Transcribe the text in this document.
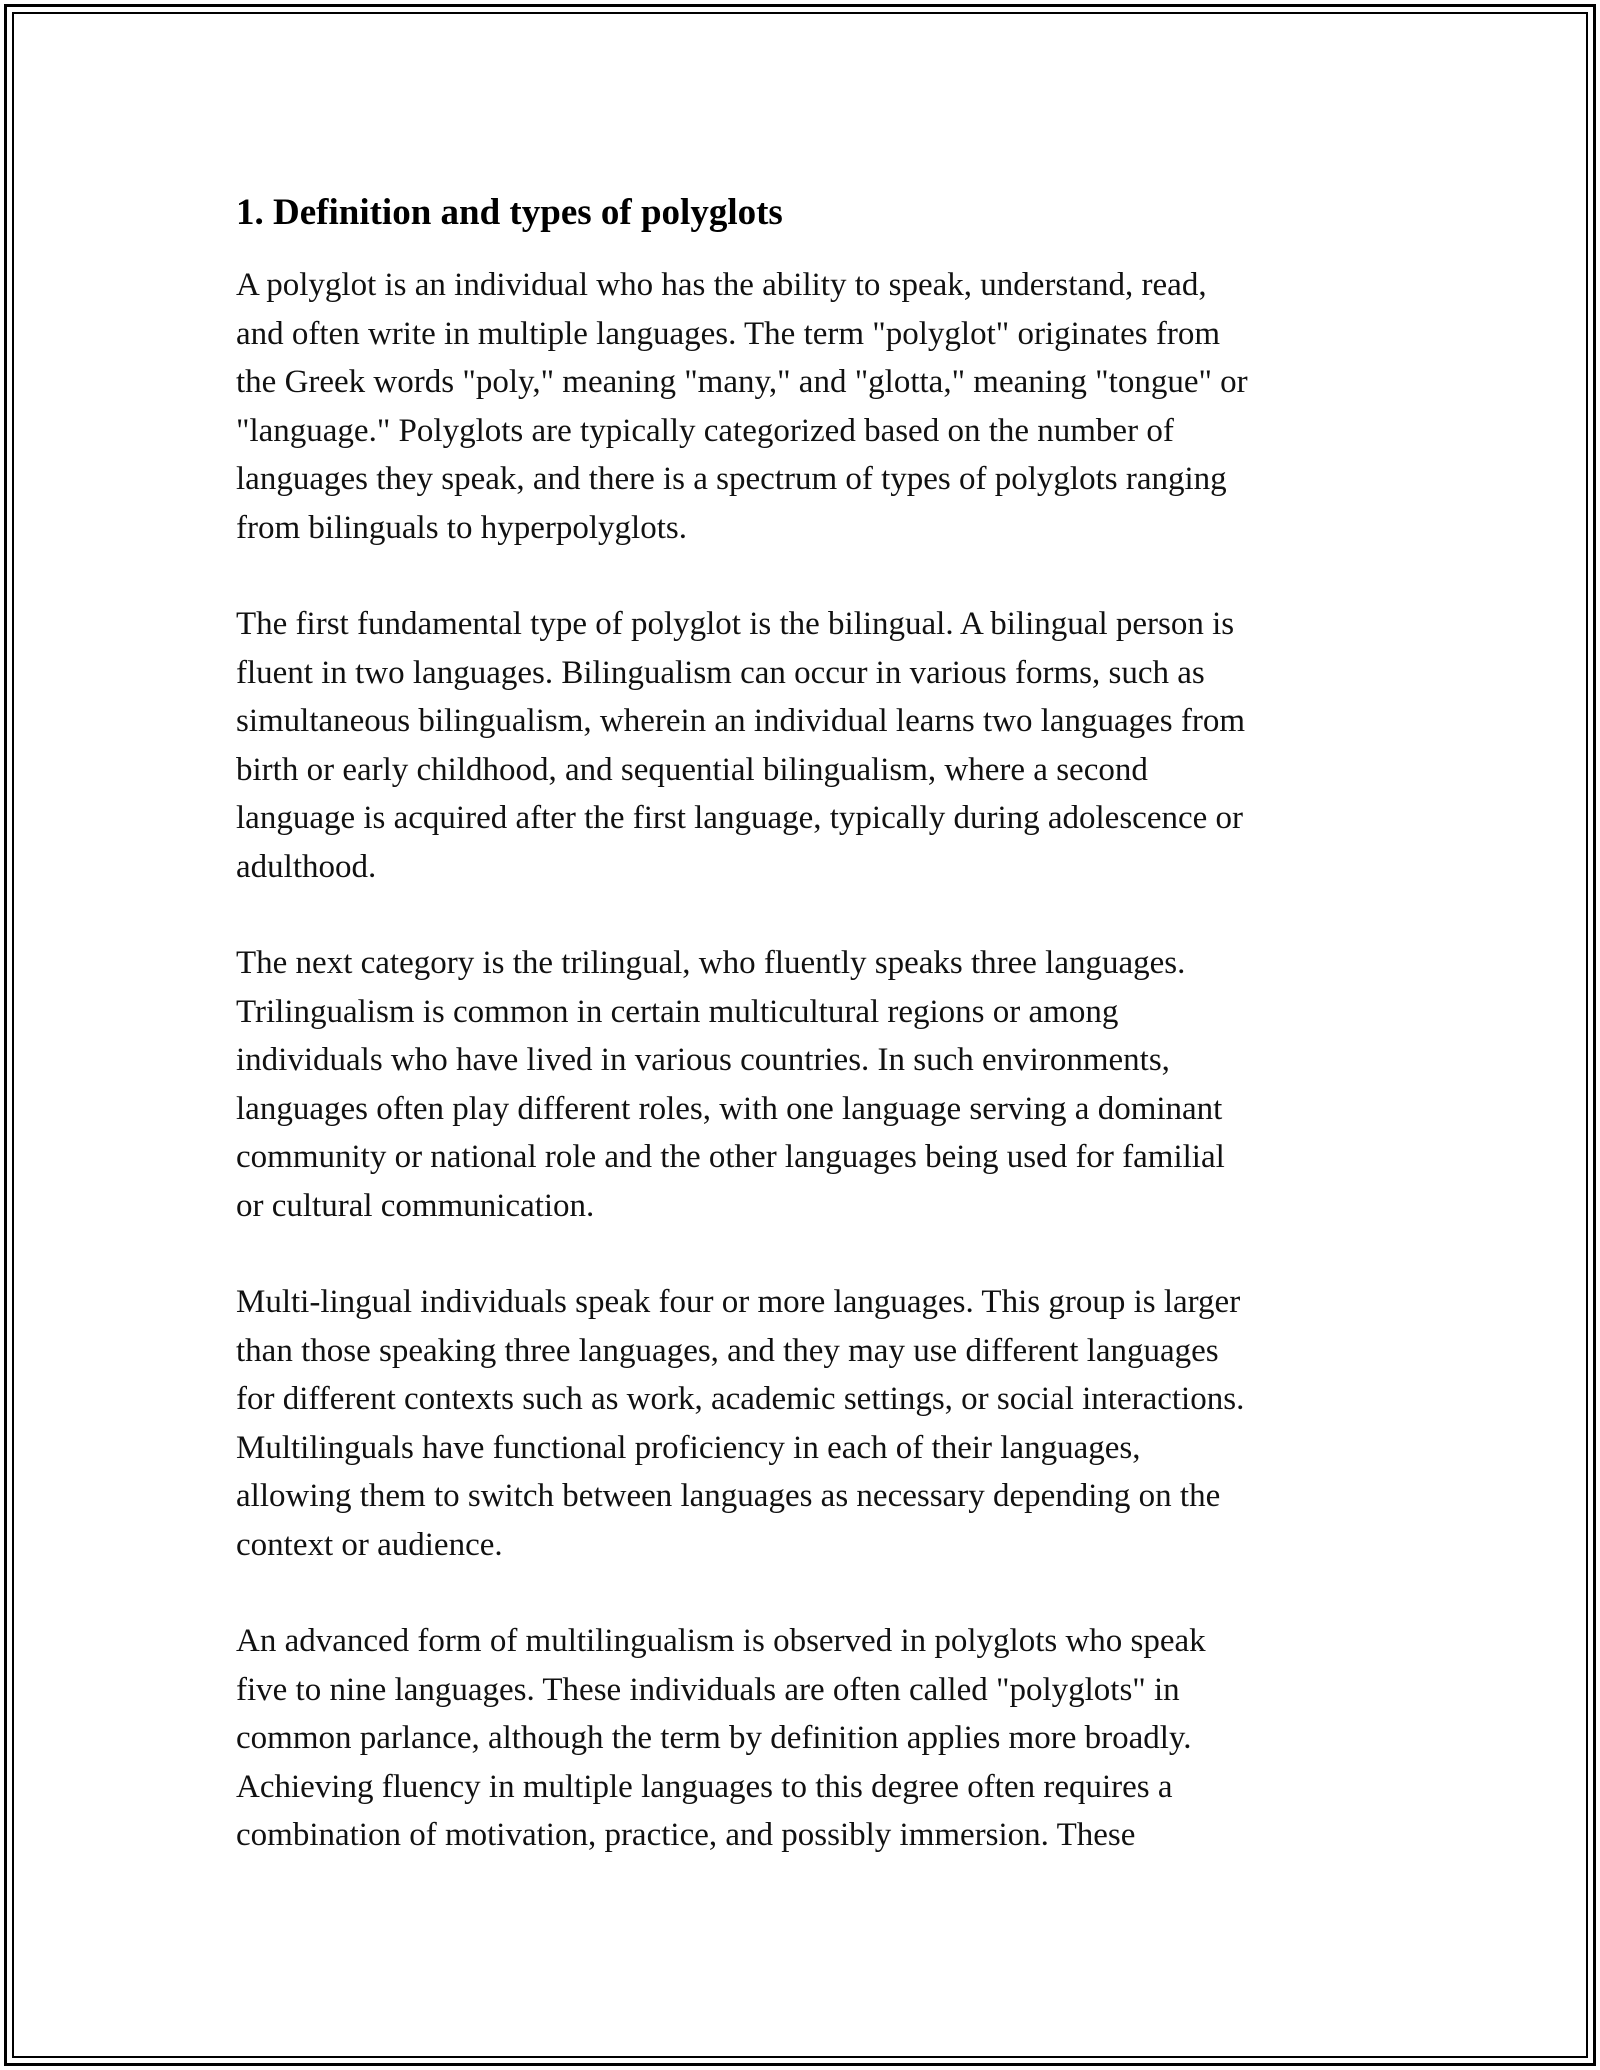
1. Definition and types of polyglots

A polyglot is an individual who has the ability to speak, understand, read,
and often write in multiple languages. The term "polyglot" originates from
the Greek words "poly," meaning "many," and "glotta," meaning "tongue" or
"language." Polyglots are typically categorized based on the number of
languages they speak, and there is a spectrum of types of polyglots ranging
from bilinguals to hyperpolyglots.

The first fundamental type of polyglot is the bilingual. A bilingual person is
fluent in two languages. Bilingualism can occur in various forms, such as
simultaneous bilingualism, wherein an individual learns two languages from
birth or early childhood, and sequential bilingualism, where a second
language is acquired after the first language, typically during adolescence or
adulthood.

The next category is the trilingual, who fluently speaks three languages.
Trilingualism is common in certain multicultural regions or among
individuals who have lived in various countries. In such environments,
languages often play different roles, with one language serving a dominant
community or national role and the other languages being used for familial
or cultural communication.

Multi-lingual individuals speak four or more languages. This group is larger
than those speaking three languages, and they may use different languages
for different contexts such as work, academic settings, or social interactions.
Multilinguals have functional proficiency in each of their languages,
allowing them to switch between languages as necessary depending on the
context or audience.

An advanced form of multilingualism is observed in polyglots who speak
five to nine languages. These individuals are often called "polyglots" in
common parlance, although the term by definition applies more broadly.
Achieving fluency in multiple languages to this degree often requires a
combination of motivation, practice, and possibly immersion. These
